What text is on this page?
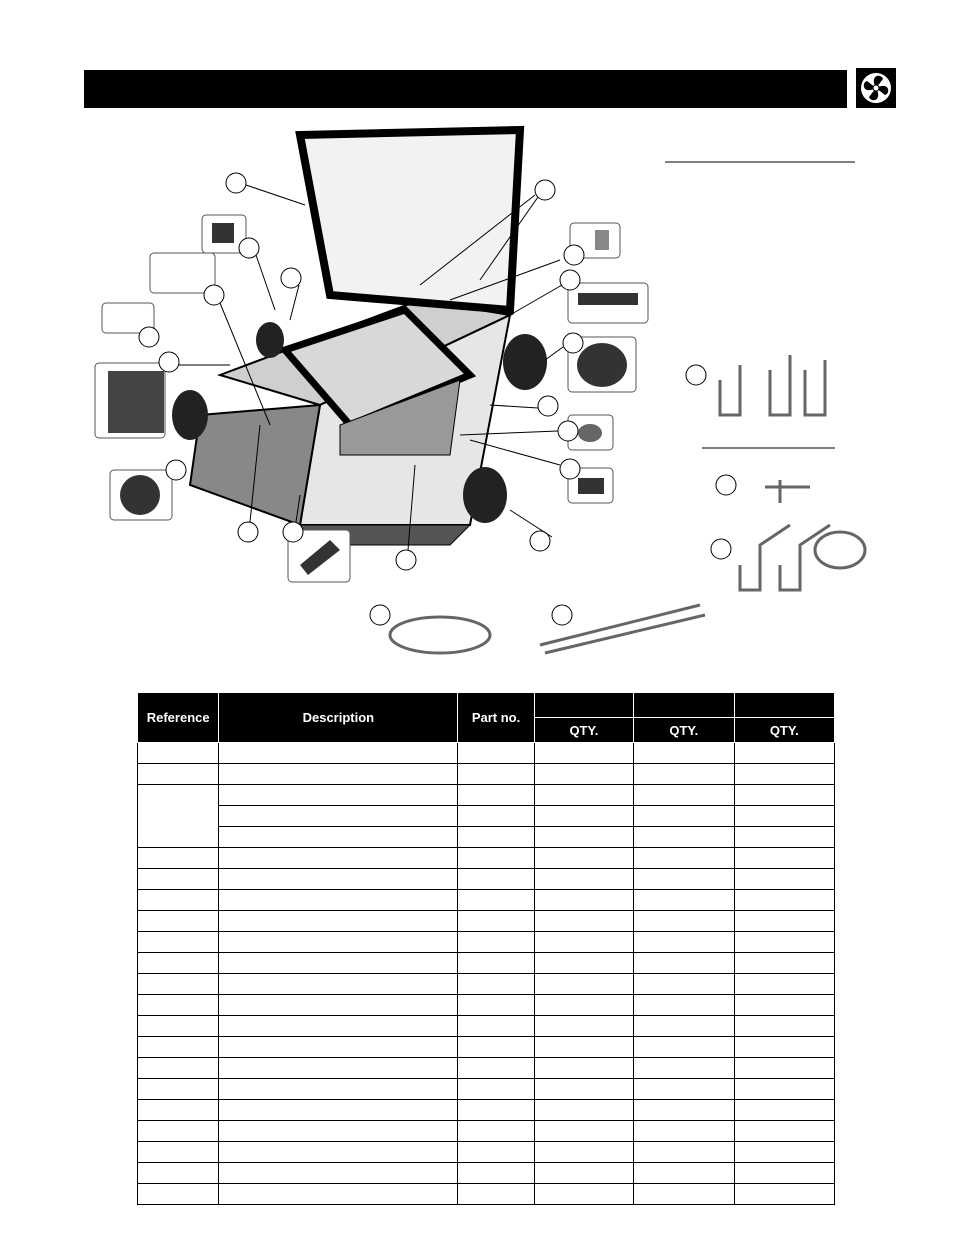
Reference	Description	Part no.			
			QTY.	QTY.	QTY.
